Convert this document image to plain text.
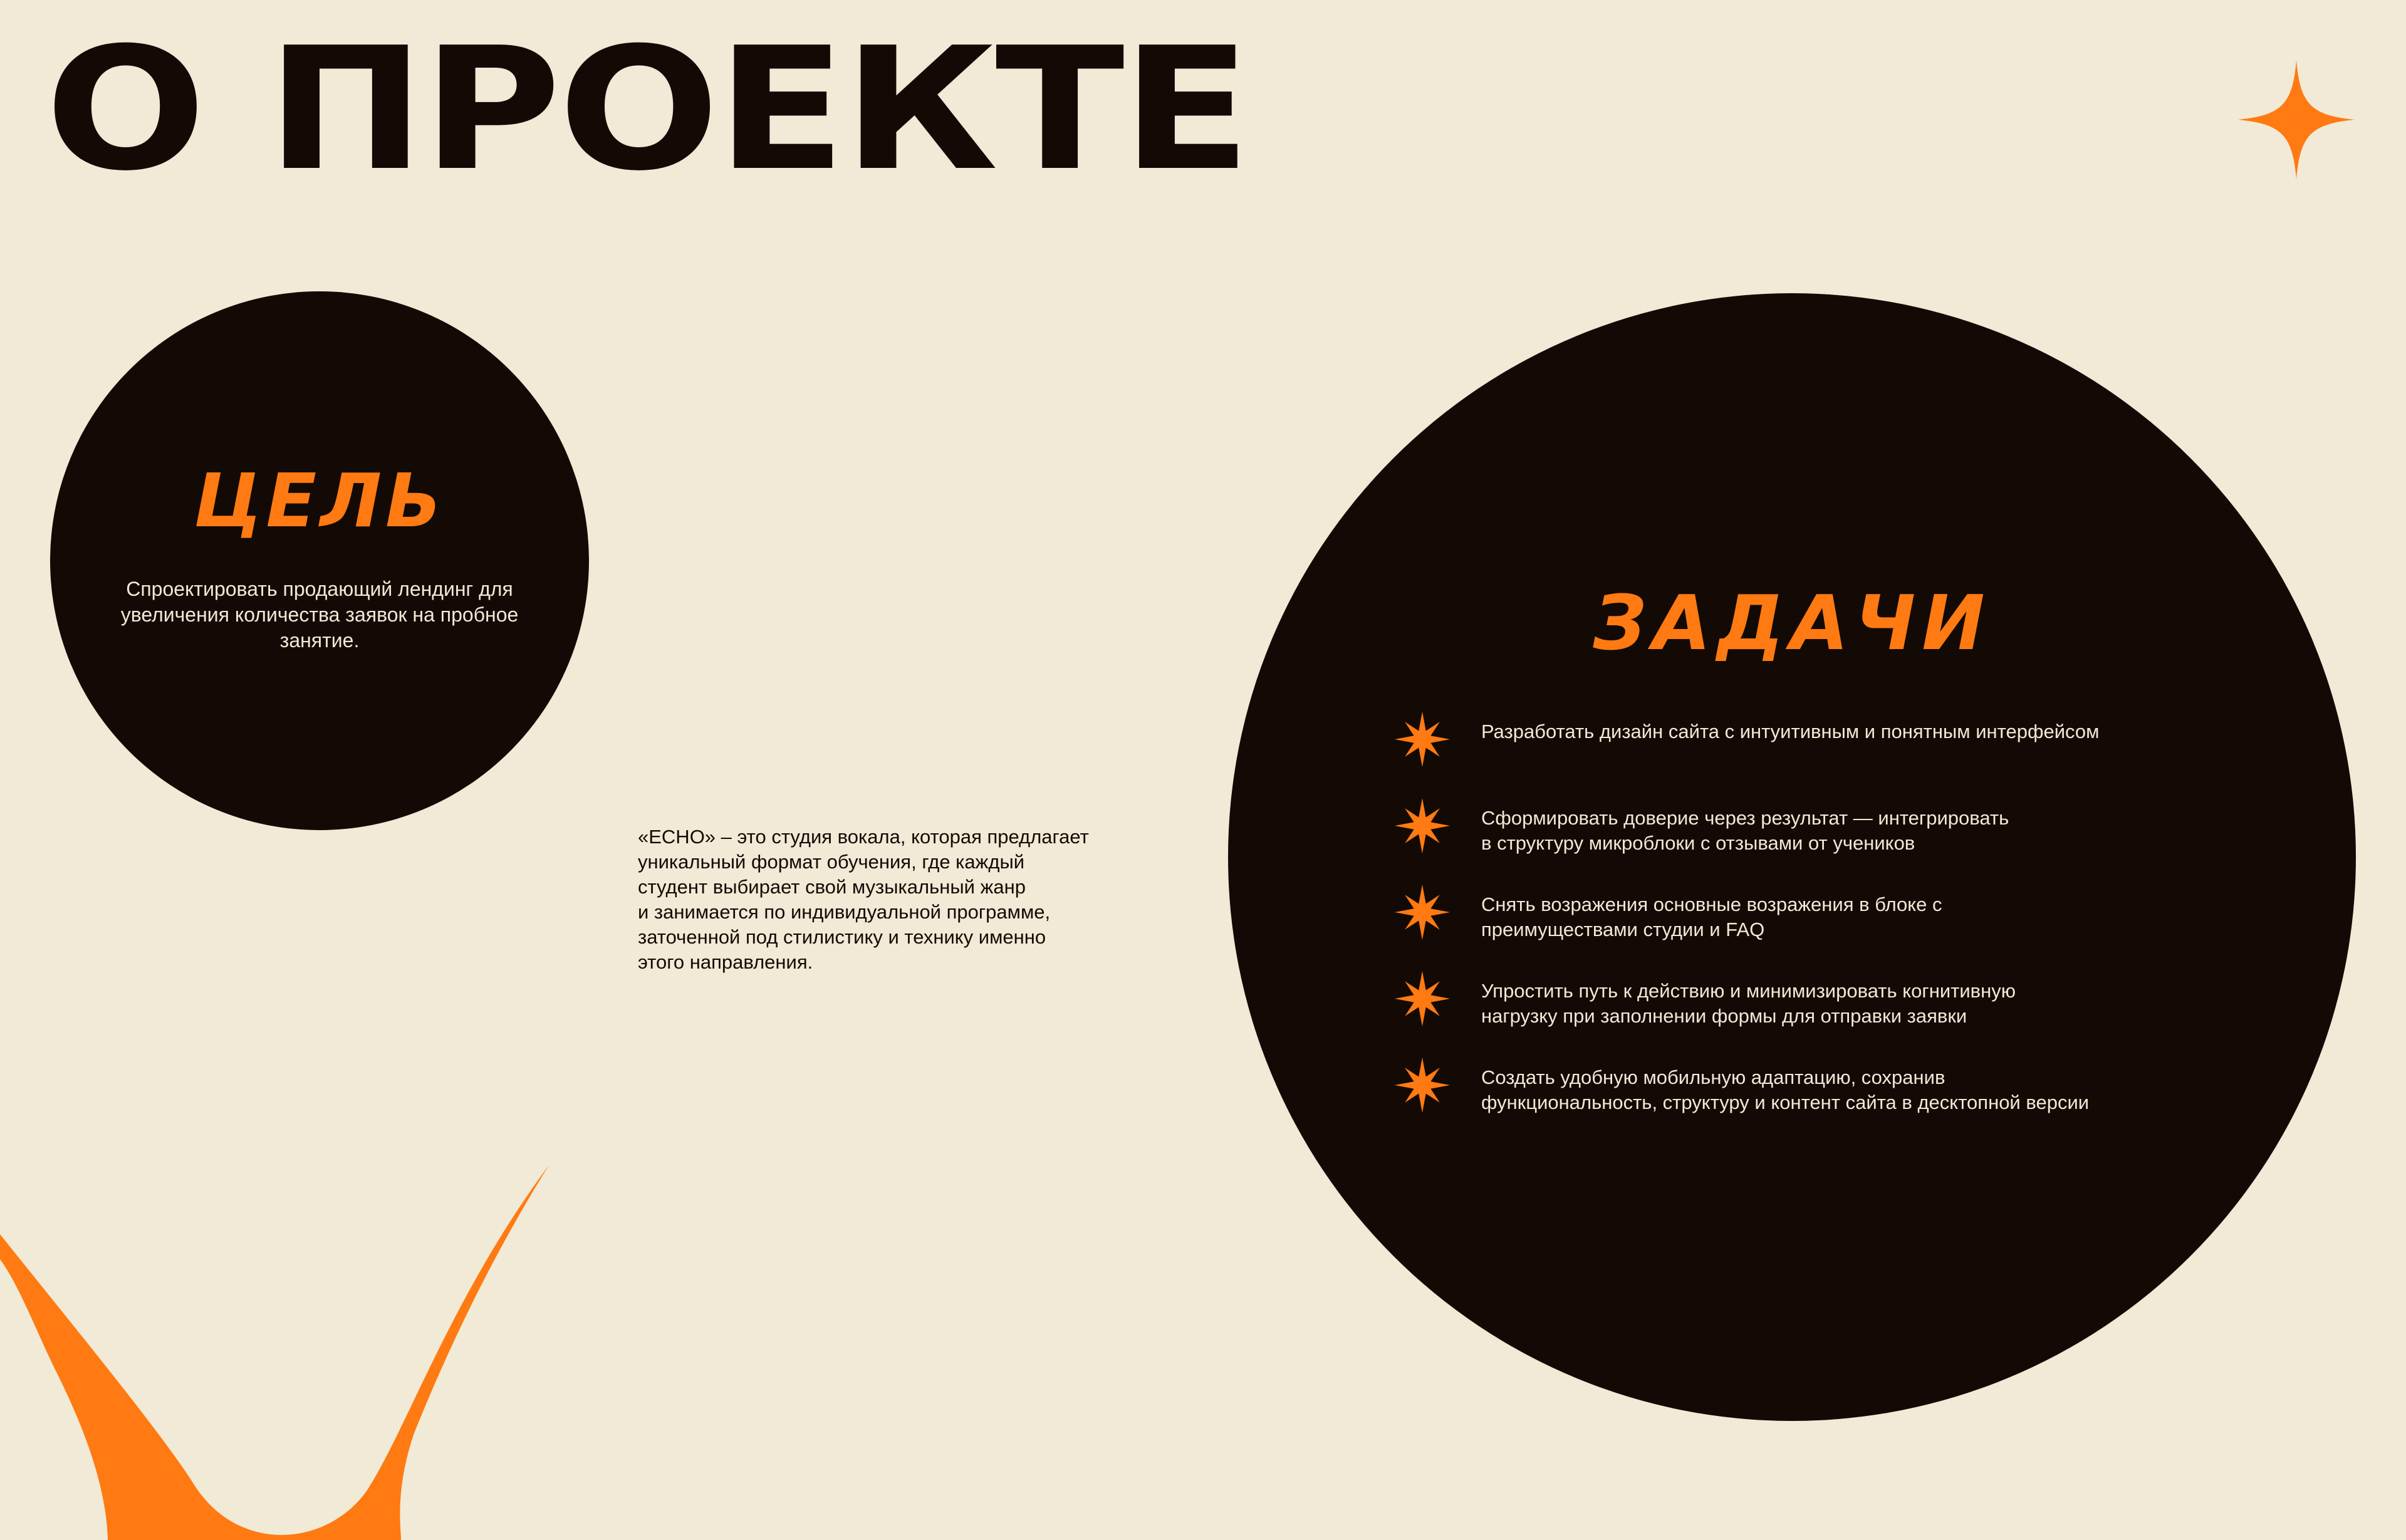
О ПРОЕКТЕ
ЦЕЛЬ

Спроектировать продающий лендинг для увеличения количества заявок на пробное занятие.

«ECHO» – это студия вокала, которая предлагает
уникальный формат обучения, где каждый
студент выбирает свой музыкальный жанр
и занимается по индивидуальной программе,
заточенной под стилистику и технику именно
этого направления.

ЗАДАЧИ
Разработать дизайн сайта с интуитивным и понятным интерфейсом
Сформировать доверие через результат — интегрировать
в структуру микроблоки с отзывами от учеников
Снять возражения основные возражения в блоке с
преимуществами студии и FAQ
Упростить путь к действию и минимизировать когнитивную
нагрузку при заполнении формы для отправки заявки
Создать удобную мобильную адаптацию, сохранив
функциональность, структуру и контент сайта в десктопной версии
